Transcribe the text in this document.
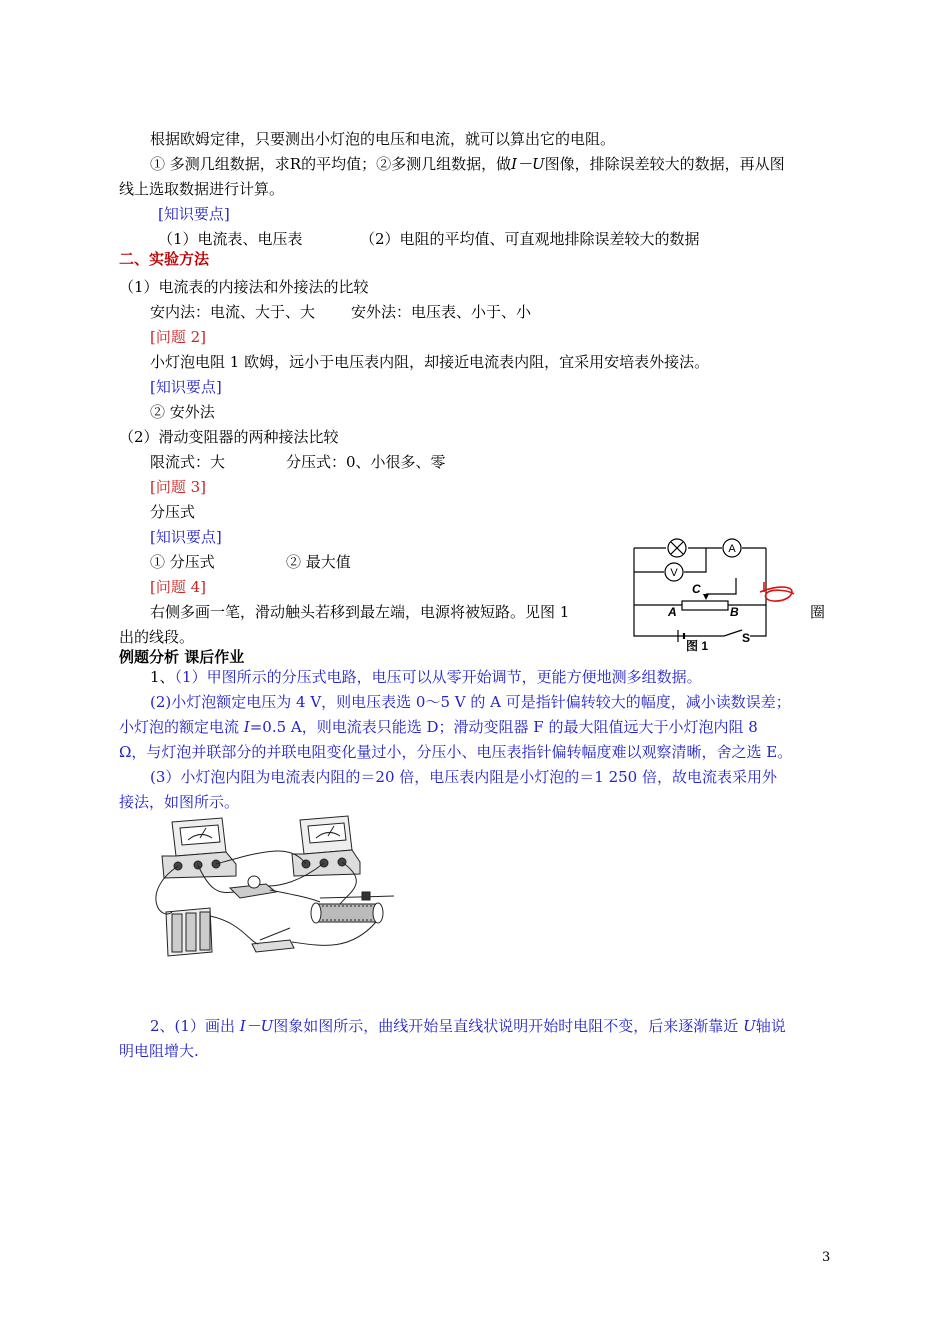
根据欧姆定律，只要测出小灯泡的电压和电流，就可以算出它的电阻。
① 多测几组数据，求R的平均值；②多测几组数据，做I－U图像，排除误差较大的数据，再从图
线上选取数据进行计算。
[知识要点]
（1）电流表、电压表	（2）电阻的平均值、可直观地排除误差较大的数据
二、实验方法
（1）电流表的内接法和外接法的比较
安内法：电流、大于、大 安外法：电压表、小于、小
[问题 2]
小灯泡电阻 1 欧姆，远小于电压表内阻，却接近电流表内阻，宜采用安培表外接法。
[知识要点]
② 安外法
（2）滑动变阻器的两种接法比较
限流式：大	分压式：0、小很多、零
[问题 3]
分压式
[知识要点]
① 分压式	② 最大值
[问题 4]
右侧多画一笔，滑动触头若移到最左端，电源将被短路。见图 1	圈
出的线段。
A
V
C
A	B
S
图 1
例题分析 课后作业
1、（1）甲图所示的分压式电路，电压可以从零开始调节，更能方便地测多组数据。
(2)小灯泡额定电压为 4 V，则电压表选 0～5 V 的 A 可是指针偏转较大的幅度，减小读数误差；
小灯泡的额定电流 I=0.5 A，则电流表只能选 D；滑动变阻器 F 的最大阻值远大于小灯泡内阻 8
Ω，与灯泡并联部分的并联电阻变化量过小，分压小、电压表指针偏转幅度难以观察清晰，舍之选 E。
(3）小灯泡内阻为电流表内阻的＝20 倍，电压表内阻是小灯泡的＝1 250 倍，故电流表采用外
接法，如图所示。
2、(1）画出 I－U图象如图所示，曲线开始呈直线状说明开始时电阻不变，后来逐渐靠近 U轴说
明电阻增大.
3
